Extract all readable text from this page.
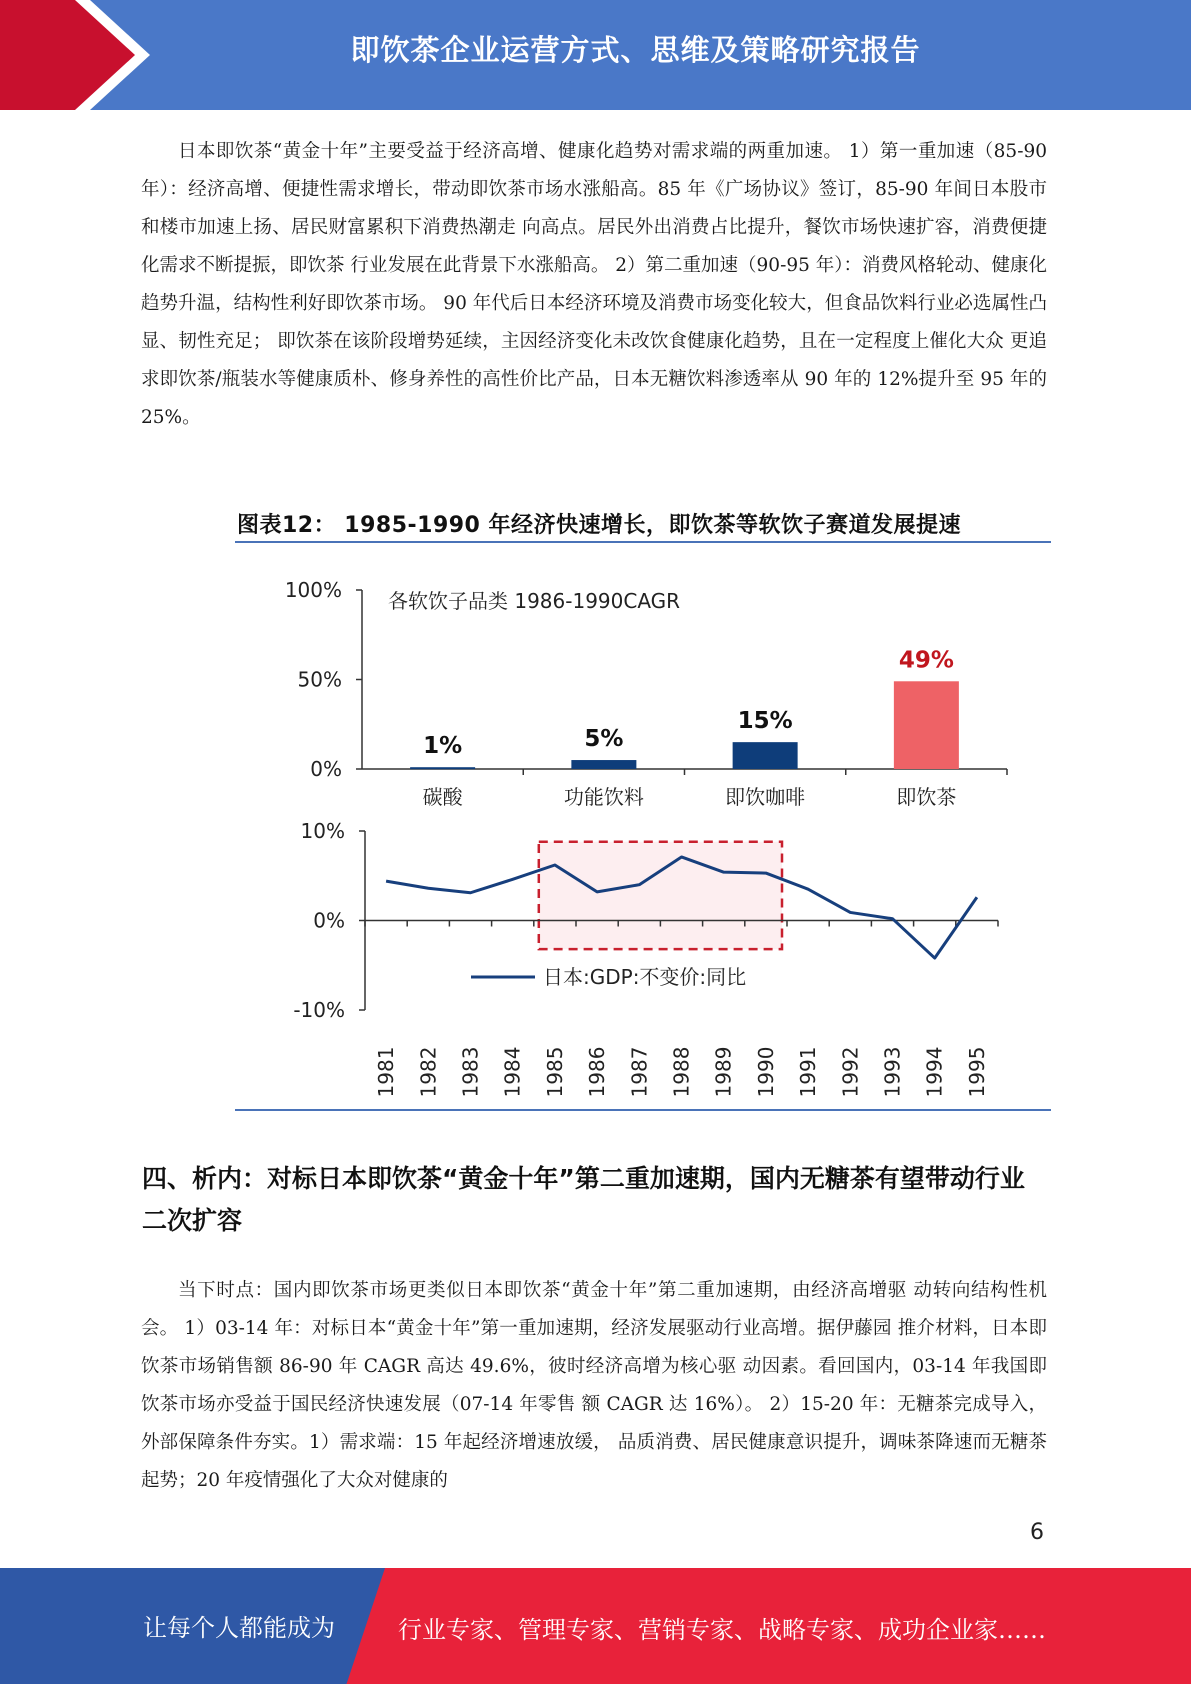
即饮茶企业运营方式、思维及策略研究报告

日本即饮茶“黄金十年”主要受益于经济高增、健康化趋势对需求端的两重加速。 1）第一重加速（85-90 年）：经济高增、便捷性需求增长，带动即饮茶市场水涨船高。85 年《广场协议》签订，85-90 年间日本股市和楼市加速上扬、居民财富累积下消费热潮走 向高点。居民外出消费占比提升，餐饮市场快速扩容，消费便捷化需求不断提振，即饮茶 行业发展在此背景下水涨船高。 2）第二重加速（90-95 年）：消费风格轮动、健康化趋势升温，结构性利好即饮茶市场。 90 年代后日本经济环境及消费市场变化较大，但食品饮料行业必选属性凸显、韧性充足； 即饮茶在该阶段增势延续，主因经济变化未改饮食健康化趋势，且在一定程度上催化大众 更追求即饮茶/瓶装水等健康质朴、修身养性的高性价比产品，日本无糖饮料渗透率从 90 年的 12%提升至 95 年的 25%。

图表12： 1985-1990 年经济快速增长，即饮茶等软饮子赛道发展提速
0%
50%
100% 各软饮子品类 1986-1990CAGR
1%
碳酸
5%
功能饮料
15%
即饮咖啡
49%
即饮茶
-10%
0%
10%
1981 1982 1983 1984 1985 1986 1987 1988 1989 1990 1991 1992 1993 1994 1995
日本:GDP:不变价:同比
四、析内：对标日本即饮茶“黄金十年”第二重加速期，国内无糖茶有望带动行业二次扩容

当下时点：国内即饮茶市场更类似日本即饮茶“黄金十年”第二重加速期，由经济高增驱 动转向结构性机会。 1）03-14 年：对标日本“黄金十年”第一重加速期，经济发展驱动行业高增。据伊藤园 推介材料，日本即饮茶市场销售额 86-90 年 CAGR 高达 49.6%，彼时经济高增为核心驱 动因素。看回国内，03-14 年我国即饮茶市场亦受益于国民经济快速发展（07-14 年零售 额 CAGR 达 16%）。 2）15-20 年：无糖茶完成导入，外部保障条件夯实。1）需求端：15 年起经济增速放缓， 品质消费、居民健康意识提升，调味茶降速而无糖茶起势；20 年疫情强化了大众对健康的

6
让每个人都能成为	行业专家、管理专家、营销专家、战略专家、成功企业家……
